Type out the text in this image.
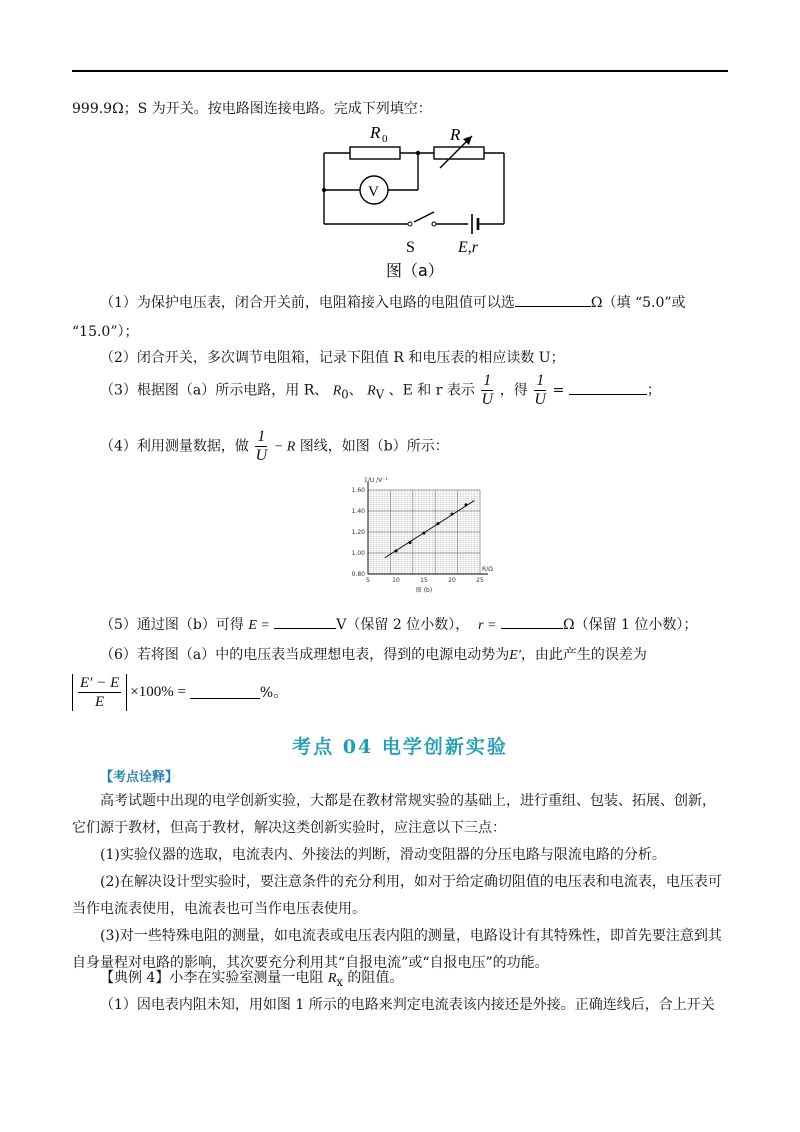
999.9Ω；S 为开关。按电路图连接电路。完成下列填空：
R 0	R
V
S	E,r
图（a）
（1）为保护电压表，闭合开关前，电阻箱接入电路的电阻值可以选	Ω（填 “5.0”或
“15.0”）；
（2）闭合开关，多次调节电阻箱，记录下阻值 R 和电压表的相应读数 U；
（3）根据图（a）所示电路，用 R、 $R_0$、 $R_V$ 、E 和 r 表示 $\frac{1}{U}$ ，得 $\frac{1}{U}$ =	；
（4）利用测量数据，做 $\frac{1}{U} - R$ 图线，如图（b）所示：
0.80
1.00
1.20
1.40
1.60
5	10	15	20	25
1/U /V⁻¹
R/Ω
图 (b)
（5）通过图（b）可得 E =	V（保留 2 位小数）， r =	Ω（保留 1 位小数）；
（6）若将图（a）中的电压表当成理想电表，得到的电源电动势为E′，由此产生的误差为
$\frac{E' - E}{E} \times 100\%$ =	%。
考点 04 电学创新实验
【考点诠释】
高考试题中出现的电学创新实验，大都是在教材常规实验的基础上，进行重组、包装、拓展、创新，它们源于教材，但高于教材，解决这类创新实验时，应注意以下三点：
(1)实验仪器的选取，电流表内、外接法的判断，滑动变阻器的分压电路与限流电路的分析。
(2)在解决设计型实验时，要注意条件的充分利用，如对于给定确切阻值的电压表和电流表，电压表可当作电流表使用，电流表也可当作电压表使用。
(3)对一些特殊电阻的测量，如电流表或电压表内阻的测量，电路设计有其特殊性，即首先要注意到其自身量程对电路的影响，其次要充分利用其“自报电流”或“自报电压”的功能。
【典例 4】小李在实验室测量一电阻 $R_x$ 的阻值。
（1）因电表内阻未知，用如图 1 所示的电路来判定电流表该内接还是外接。正确连线后，合上开关
